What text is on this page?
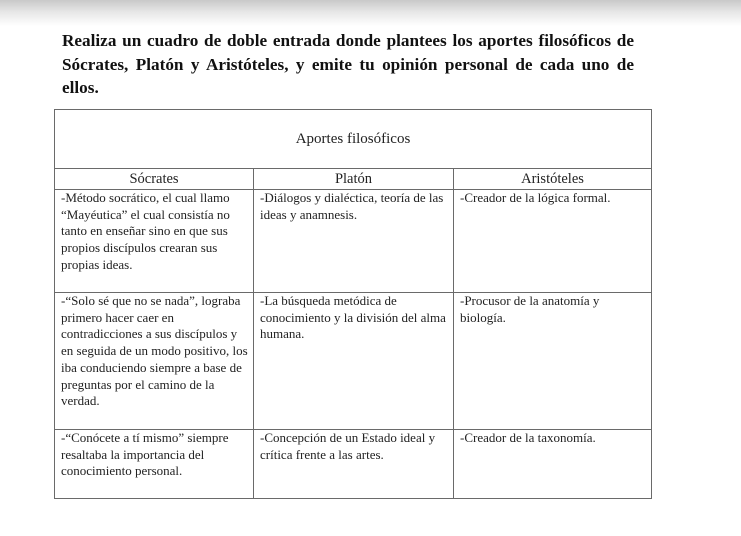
Realiza un cuadro de doble entrada donde plantees los aportes filosóficos de Sócrates, Platón y Aristóteles, y emite tu opinión personal de cada uno de ellos.

Aportes filosóficos		
Sócrates	Platón	Aristóteles
-Método socrático, el cual llamo “Mayéutica” el cual consistía no tanto en enseñar sino en que sus propios discípulos crearan sus propias ideas.	-Diálogos y dialéctica, teoría de las ideas y anamnesis.	-Creador de la lógica formal.
-“Solo sé que no se nada”, lograba primero hacer caer en contradicciones a sus discípulos y en seguida de un modo positivo, los iba conduciendo siempre a base de preguntas por el camino de la verdad.	-La búsqueda metódica de conocimiento y la división del alma humana.	-Procusor de la anatomía y biología.
-“Conócete a tí mismo” siempre resaltaba la importancia del conocimiento personal.	-Concepción de un Estado ideal y crítica frente a las artes.	-Creador de la taxonomía.
